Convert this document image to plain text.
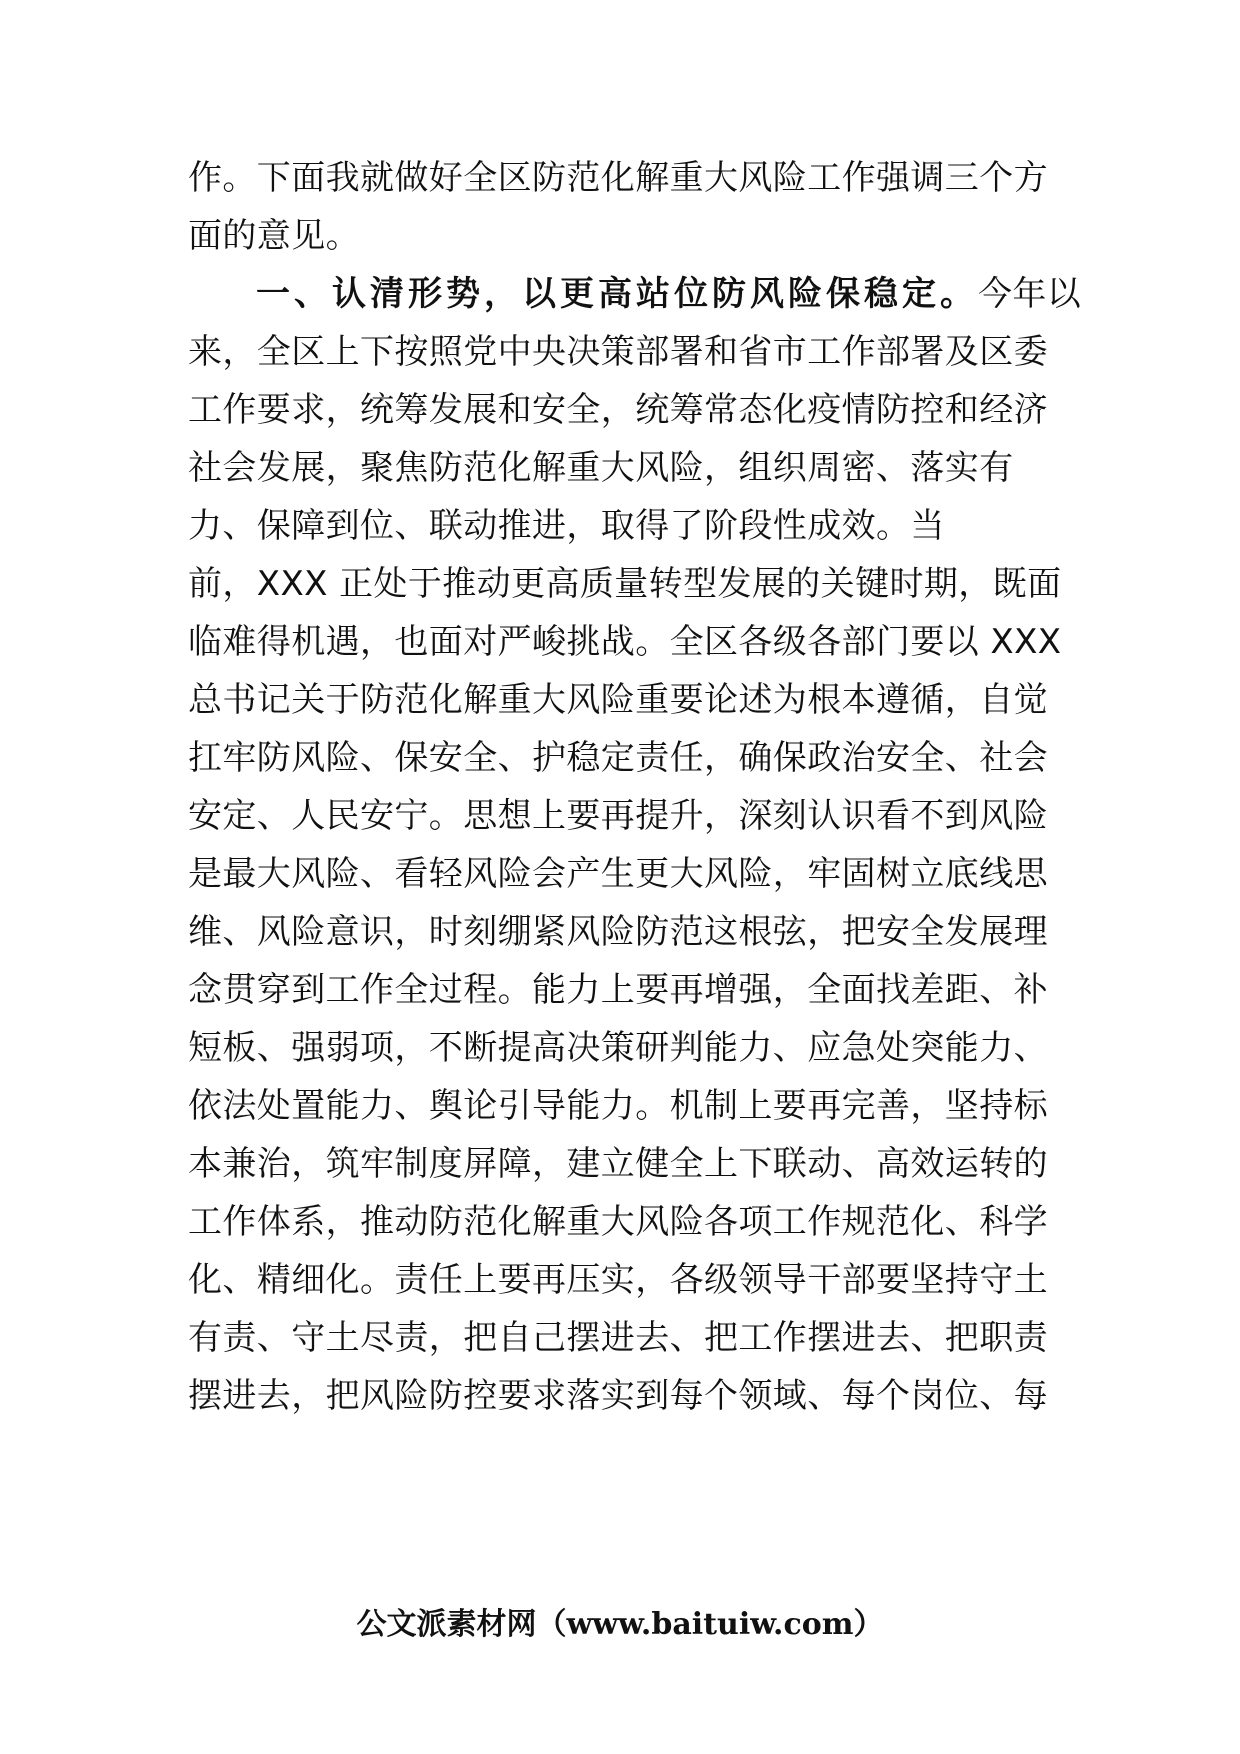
作。下面我就做好全区防范化解重大风险工作强调三个方
面的意见。
一、认清形势，以更高站位防风险保稳定。今年以
来，全区上下按照党中央决策部署和省市工作部署及区委
工作要求，统筹发展和安全，统筹常态化疫情防控和经济
社会发展，聚焦防范化解重大风险，组织周密、落实有
力、保障到位、联动推进，取得了阶段性成效。当
前，XXX 正处于推动更高质量转型发展的关键时期，既面
临难得机遇，也面对严峻挑战。全区各级各部门要以 XXX
总书记关于防范化解重大风险重要论述为根本遵循，自觉
扛牢防风险、保安全、护稳定责任，确保政治安全、社会
安定、人民安宁。思想上要再提升，深刻认识看不到风险
是最大风险、看轻风险会产生更大风险，牢固树立底线思
维、风险意识，时刻绷紧风险防范这根弦，把安全发展理
念贯穿到工作全过程。能力上要再增强，全面找差距、补
短板、强弱项，不断提高决策研判能力、应急处突能力、
依法处置能力、舆论引导能力。机制上要再完善，坚持标
本兼治，筑牢制度屏障，建立健全上下联动、高效运转的
工作体系，推动防范化解重大风险各项工作规范化、科学
化、精细化。责任上要再压实，各级领导干部要坚持守土
有责、守土尽责，把自己摆进去、把工作摆进去、把职责
摆进去，把风险防控要求落实到每个领域、每个岗位、每
公文派素材网（www.baituiw.com）
